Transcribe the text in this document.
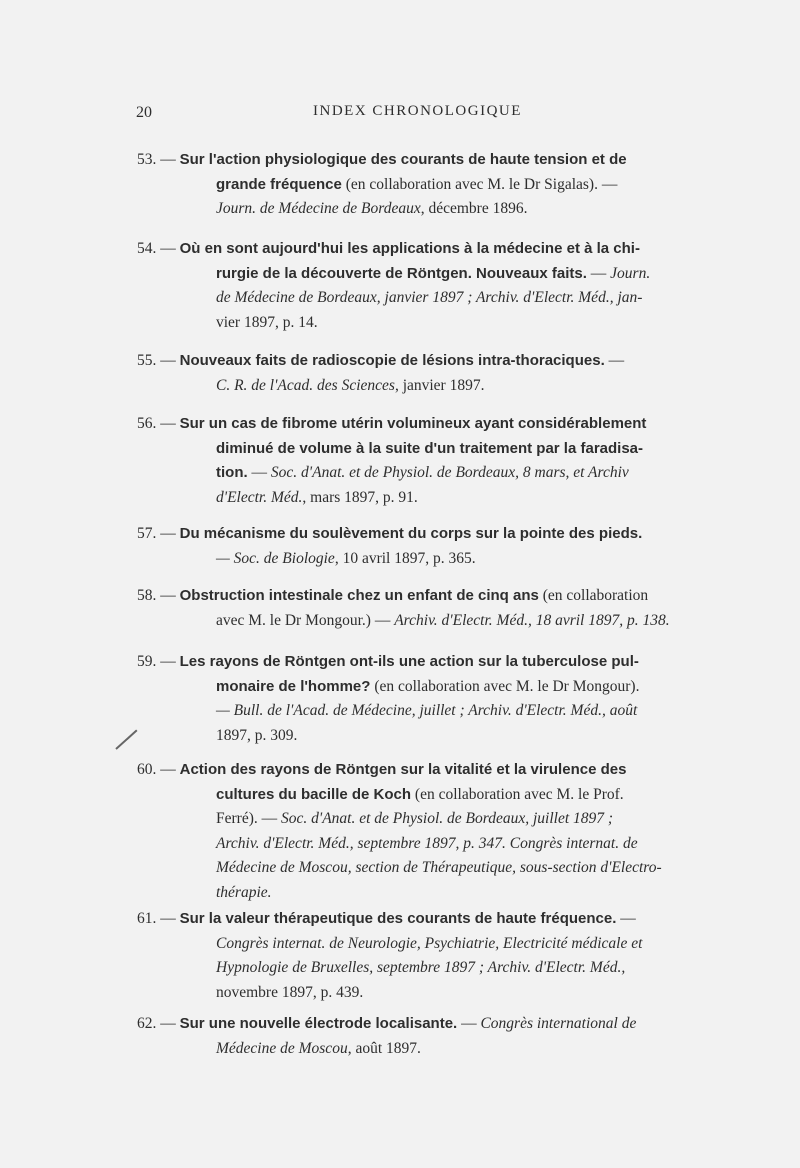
20	INDEX CHRONOLOGIQUE
53. — Sur l'action physiologique des courants de haute tension et de
grande fréquence (en collaboration avec M. le Dr Sigalas). —
Journ. de Médecine de Bordeaux, décembre 1896.
54. — Où en sont aujourd'hui les applications à la médecine et à la chi-
rurgie de la découverte de Röntgen. Nouveaux faits. — Journ.
de Médecine de Bordeaux, janvier 1897 ; Archiv. d'Electr. Méd., jan-
vier 1897, p. 14.
55. — Nouveaux faits de radioscopie de lésions intra-thoraciques. —
C. R. de l'Acad. des Sciences, janvier 1897.
56. — Sur un cas de fibrome utérin volumineux ayant considérablement
diminué de volume à la suite d'un traitement par la faradisa-
tion. — Soc. d'Anat. et de Physiol. de Bordeaux, 8 mars, et Archiv
d'Electr. Méd., mars 1897, p. 91.
57. — Du mécanisme du soulèvement du corps sur la pointe des pieds.
— Soc. de Biologie, 10 avril 1897, p. 365.
58. — Obstruction intestinale chez un enfant de cinq ans (en collaboration
avec M. le Dr Mongour.) — Archiv. d'Electr. Méd., 18 avril 1897, p. 138.
59. — Les rayons de Röntgen ont-ils une action sur la tuberculose pul-
monaire de l'homme? (en collaboration avec M. le Dr Mongour).
— Bull. de l'Acad. de Médecine, juillet ; Archiv. d'Electr. Méd., août
1897, p. 309.
60. — Action des rayons de Röntgen sur la vitalité et la virulence des
cultures du bacille de Koch (en collaboration avec M. le Prof.
Ferré). — Soc. d'Anat. et de Physiol. de Bordeaux, juillet 1897 ;
Archiv. d'Electr. Méd., septembre 1897, p. 347. Congrès internat. de
Médecine de Moscou, section de Thérapeutique, sous-section d'Electro-
thérapie.
61. — Sur la valeur thérapeutique des courants de haute fréquence. —
Congrès internat. de Neurologie, Psychiatrie, Electricité médicale et
Hypnologie de Bruxelles, septembre 1897 ; Archiv. d'Electr. Méd.,
novembre 1897, p. 439.
62. — Sur une nouvelle électrode localisante. — Congrès international de
Médecine de Moscou, août 1897.
